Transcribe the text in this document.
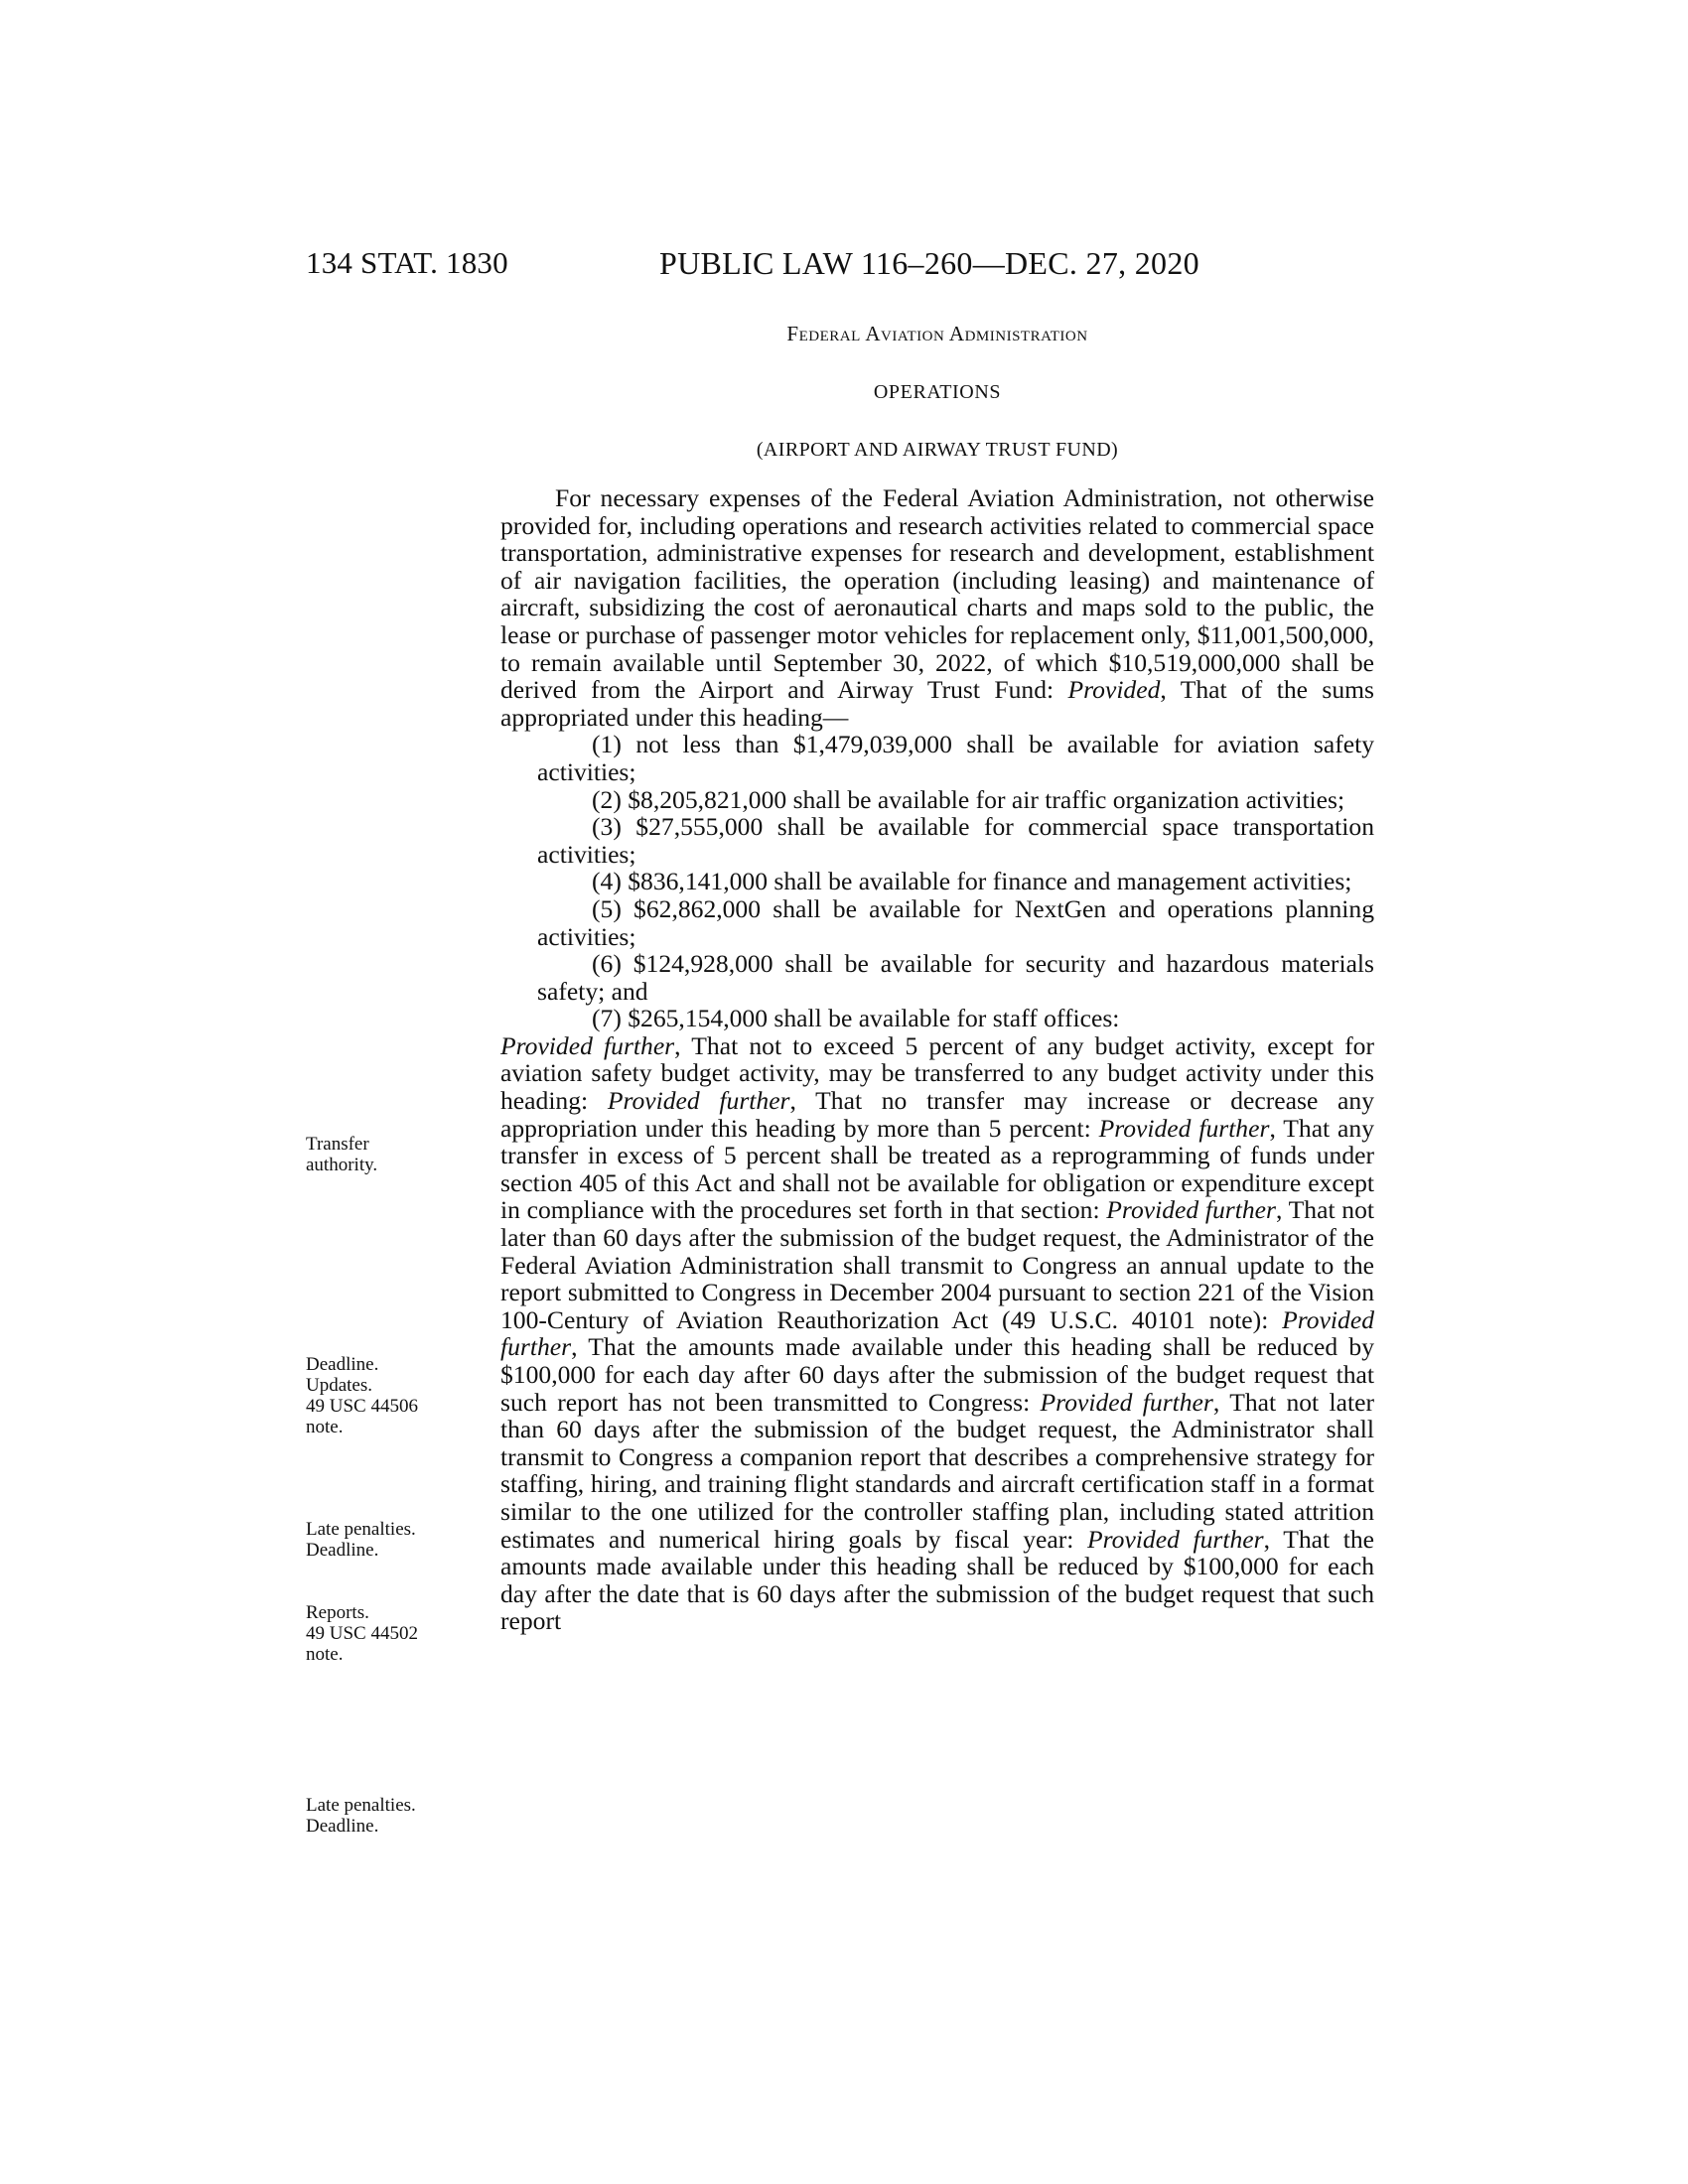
134 STAT. 1830	PUBLIC LAW 116–260—DEC. 27, 2020
Federal Aviation Administration
OPERATIONS
(AIRPORT AND AIRWAY TRUST FUND)

For necessary expenses of the Federal Aviation Administration, not otherwise provided for, including operations and research activities related to commercial space transportation, administrative expenses for research and development, establishment of air navigation facilities, the operation (including leasing) and maintenance of aircraft, subsidizing the cost of aeronautical charts and maps sold to the public, the lease or purchase of passenger motor vehicles for replacement only, $11,001,500,000, to remain available until September 30, 2022, of which $10,519,000,000 shall be derived from the Airport and Airway Trust Fund: Provided, That of the sums appropriated under this heading—

(1) not less than $1,479,039,000 shall be available for aviation safety activities;

(2) $8,205,821,000 shall be available for air traffic organization activities;

(3) $27,555,000 shall be available for commercial space transportation activities;

(4) $836,141,000 shall be available for finance and management activities;

(5) $62,862,000 shall be available for NextGen and operations planning activities;

(6) $124,928,000 shall be available for security and hazardous materials safety; and

(7) $265,154,000 shall be available for staff offices:

Provided further, That not to exceed 5 percent of any budget activity, except for aviation safety budget activity, may be transferred to any budget activity under this heading: Provided further, That no transfer may increase or decrease any appropriation under this heading by more than 5 percent: Provided further, That any transfer in excess of 5 percent shall be treated as a reprogramming of funds under section 405 of this Act and shall not be available for obligation or expenditure except in compliance with the procedures set forth in that section: Provided further, That not later than 60 days after the submission of the budget request, the Administrator of the Federal Aviation Administration shall transmit to Congress an annual update to the report submitted to Congress in December 2004 pursuant to section 221 of the Vision 100-Century of Aviation Reauthorization Act (49 U.S.C. 40101 note): Provided further, That the amounts made available under this heading shall be reduced by $100,000 for each day after 60 days after the submission of the budget request that such report has not been transmitted to Congress: Provided further, That not later than 60 days after the submission of the budget request, the Administrator shall transmit to Congress a companion report that describes a comprehensive strategy for staffing, hiring, and training flight standards and aircraft certification staff in a format similar to the one utilized for the controller staffing plan, including stated attrition estimates and numerical hiring goals by fiscal year: Provided further, That the amounts made available under this heading shall be reduced by $100,000 for each day after the date that is 60 days after the submission of the budget request that such report

Transfer
authority.
Deadline.
Updates.
49 USC 44506
note.
Late penalties.
Deadline.
Reports.
49 USC 44502
note.
Late penalties.
Deadline.
